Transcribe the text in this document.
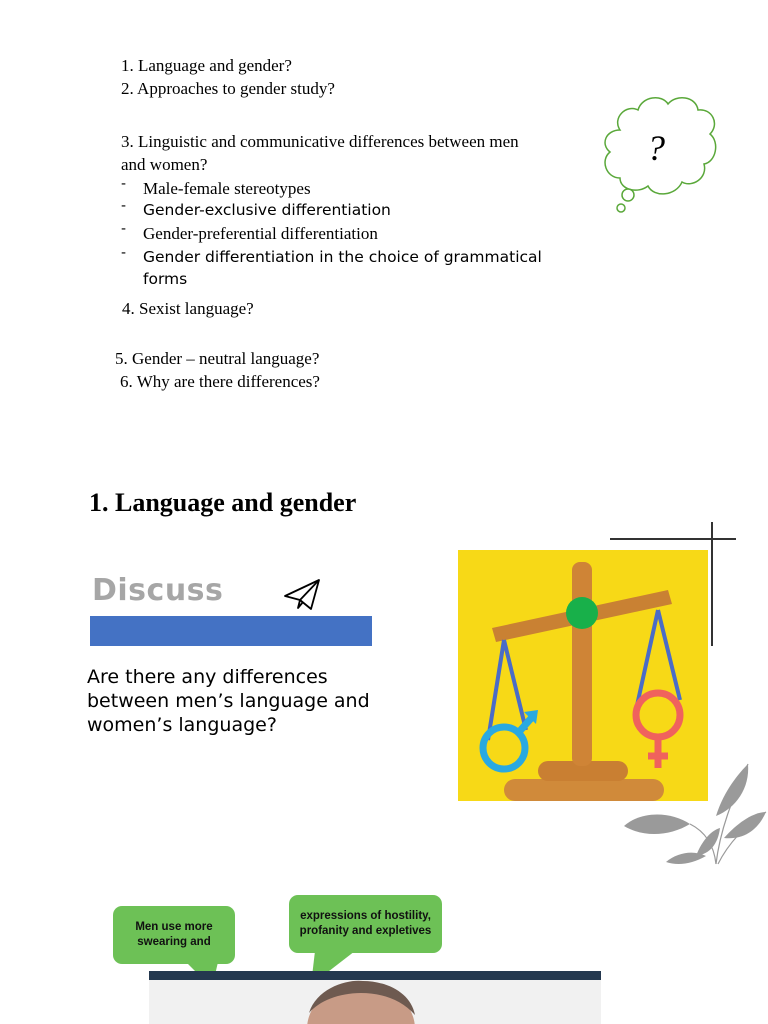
1. Language and gender?
2. Approaches to gender study?
3. Linguistic and communicative differences between men
and women?
- Male-female stereotypes
- Gender-exclusive differentiation
- Gender-preferential differentiation
- Gender differentiation in the choice of grammatical
forms
4. Sexist language?
5. Gender – neutral language?
6. Why are there differences?
?
1. Language and gender
Discuss
Are there any differences
between men’s language and
women’s language?
Men use more
swearing and
expressions of hostility,
profanity and expletives
